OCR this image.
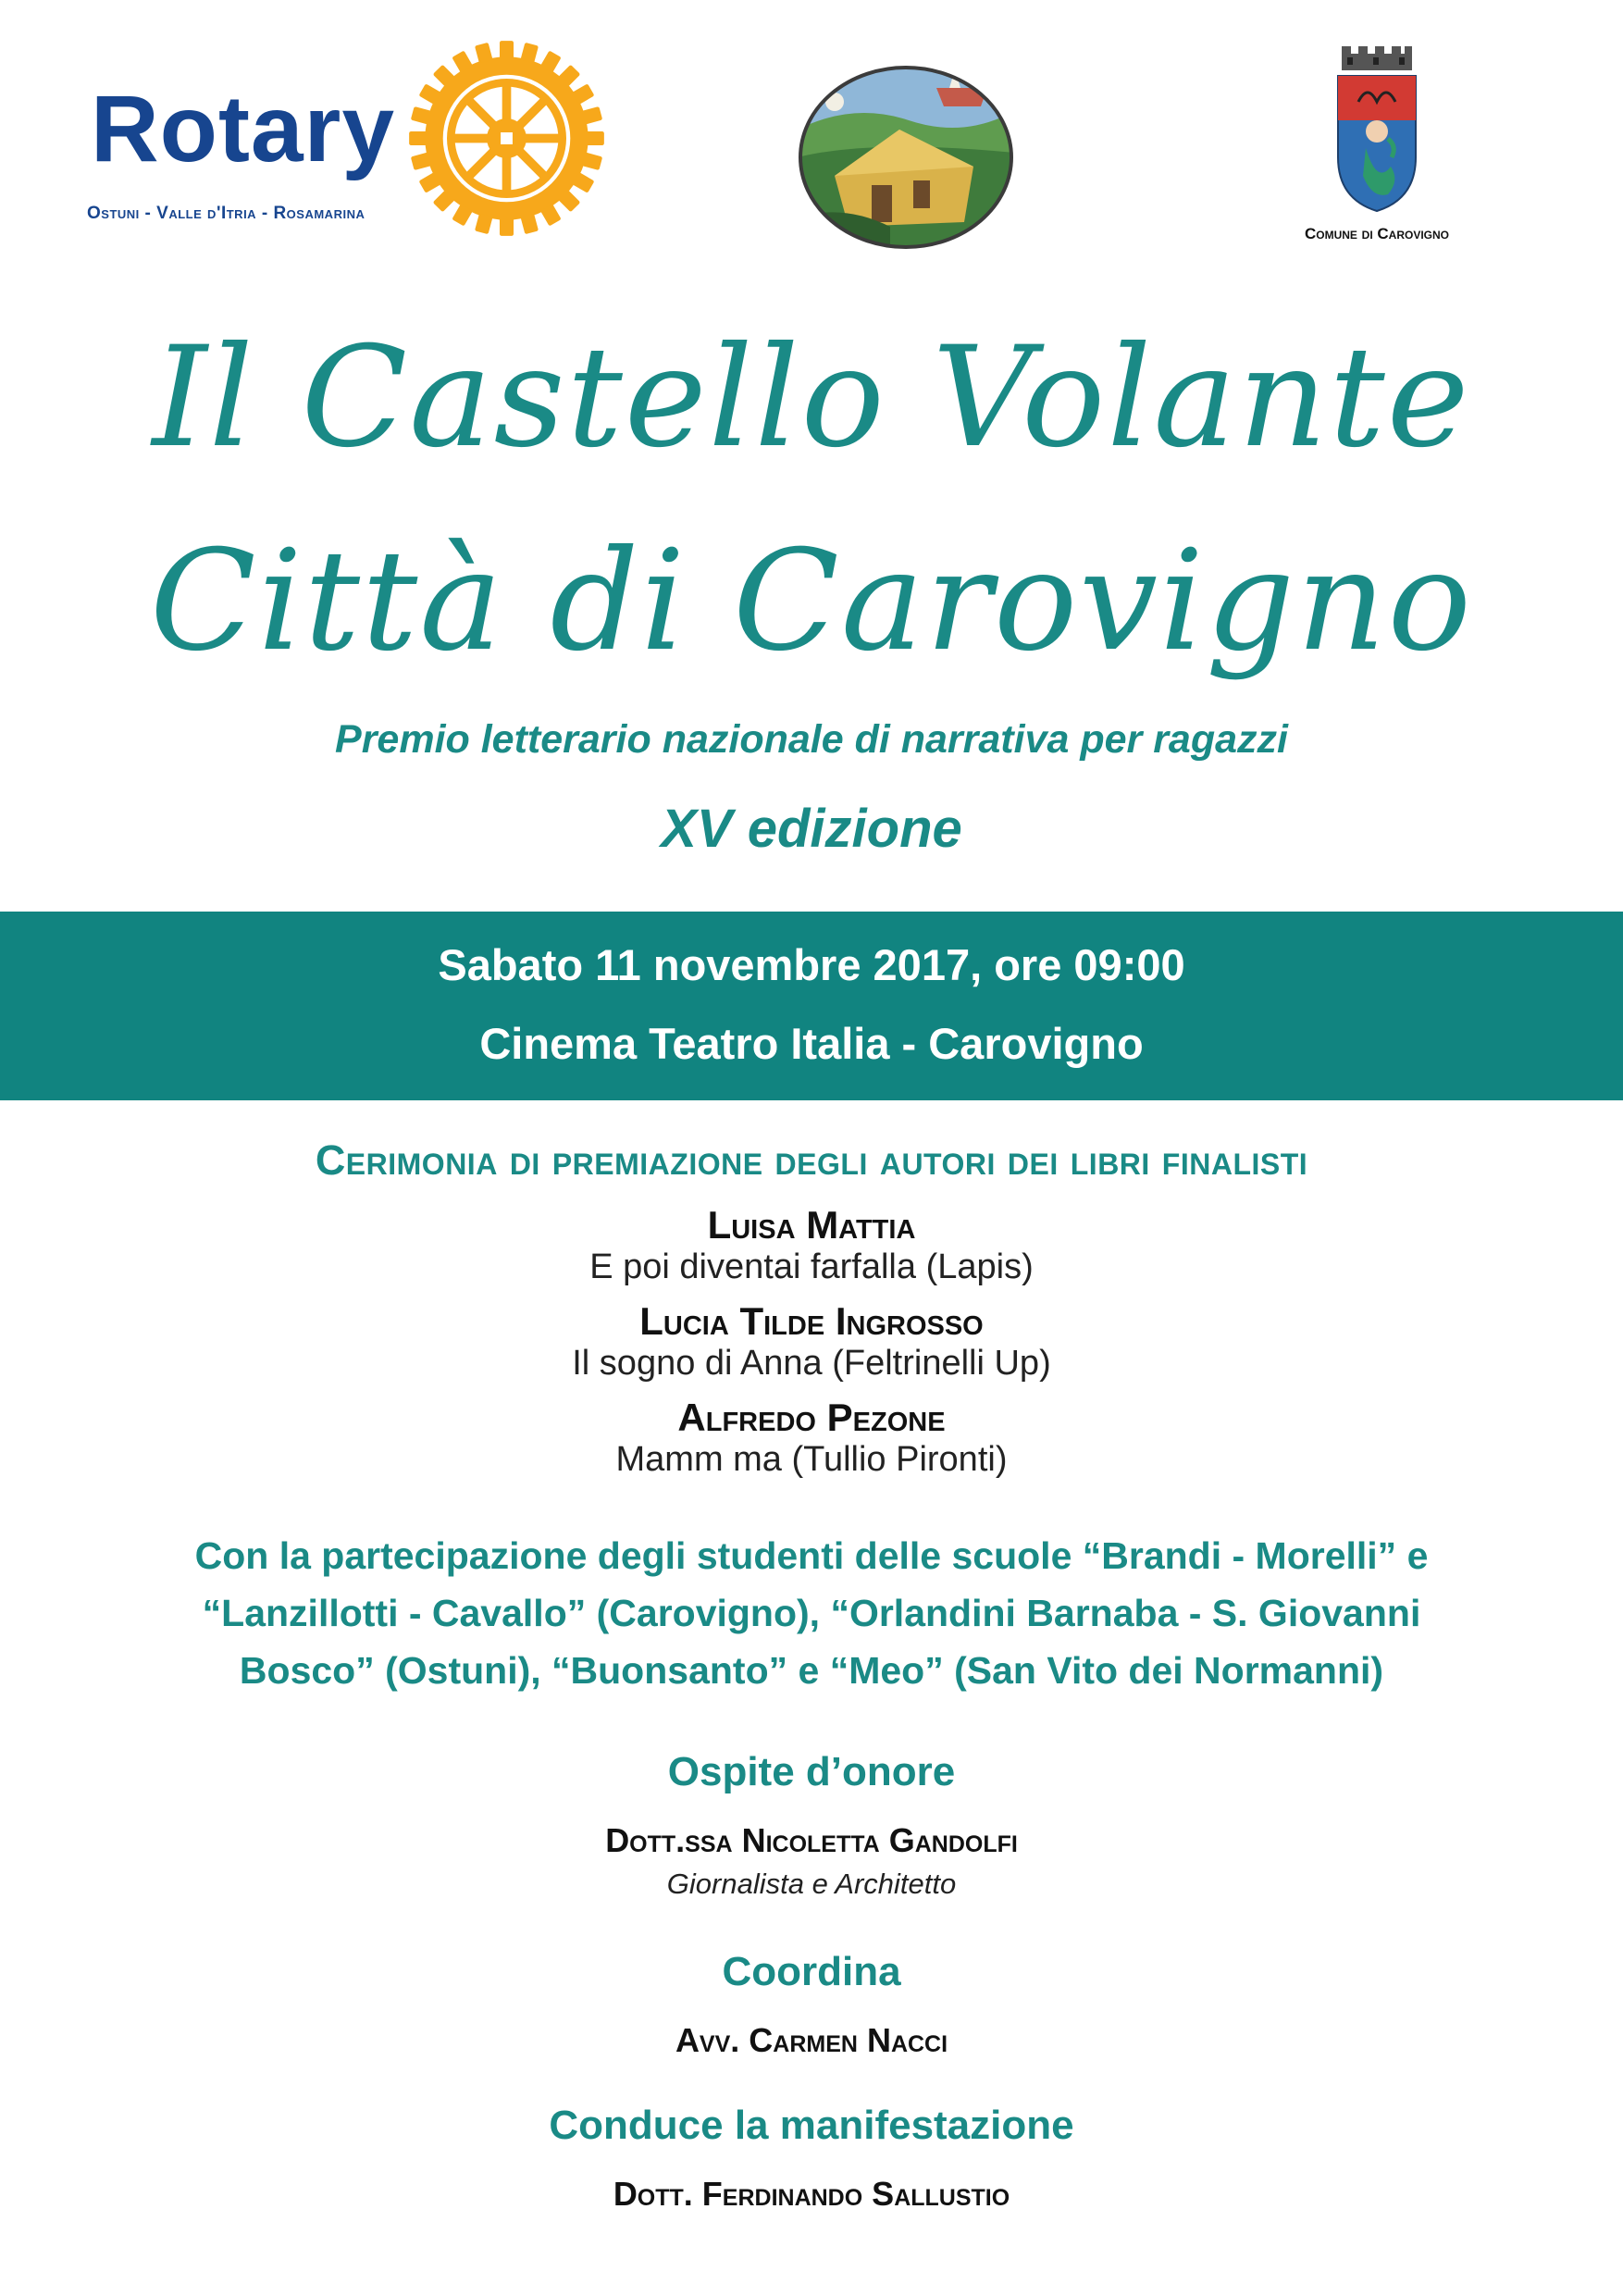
Rotary
Ostuni - Valle d'Itria - Rosamarina
Comune di Carovigno
Il Castello Volante
Città di Carovigno
Premio letterario nazionale di narrativa per ragazzi
XV edizione
Sabato 11 novembre 2017, ore 09:00
Cinema Teatro Italia - Carovigno
Cerimonia di premiazione degli autori dei libri finalisti
Luisa Mattia
E poi diventai farfalla (Lapis)
Lucia Tilde Ingrosso
Il sogno di Anna (Feltrinelli Up)
Alfredo Pezone
Mamm ma (Tullio Pironti)
Con la partecipazione degli studenti delle scuole “Brandi - Morelli” e
“Lanzillotti - Cavallo” (Carovigno), “Orlandini Barnaba - S. Giovanni
Bosco” (Ostuni), “Buonsanto” e “Meo” (San Vito dei Normanni)
Ospite d’onore
Dott.ssa Nicoletta Gandolfi
Giornalista e Architetto
Coordina
Avv. Carmen Nacci
Conduce la manifestazione
Dott. Ferdinando Sallustio
